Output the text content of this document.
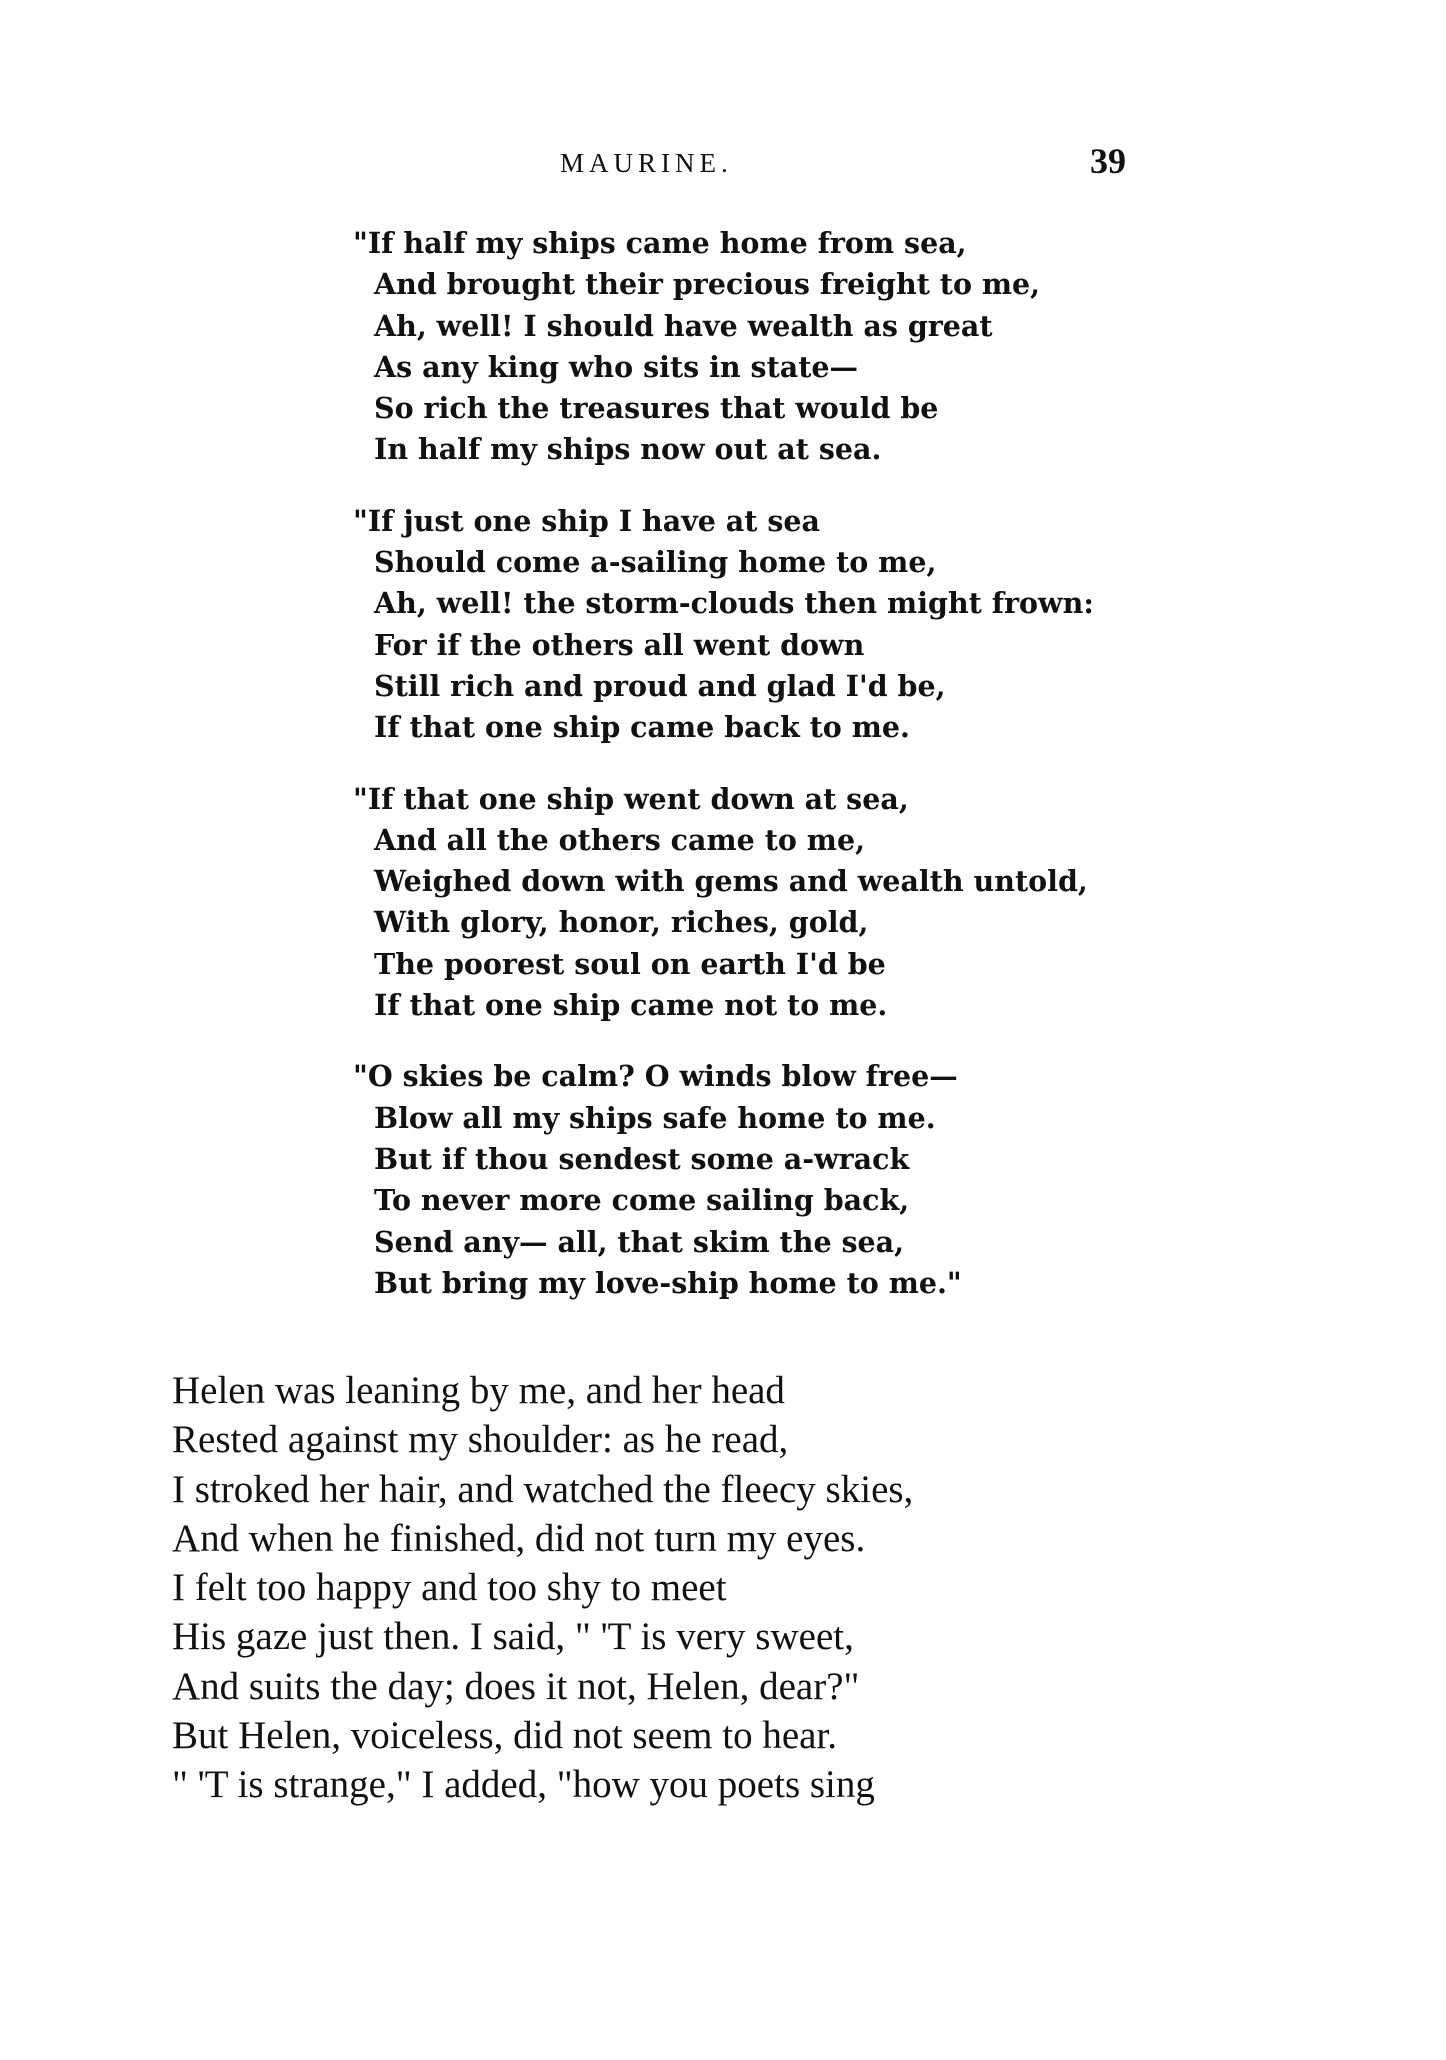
MAURINE.	39
"If half my ships came home from sea,
And brought their precious freight to me,
Ah, well! I should have wealth as great
As any king who sits in state—
So rich the treasures that would be
In half my ships now out at sea.
"If just one ship I have at sea
Should come a-sailing home to me,
Ah, well! the storm-clouds then might frown:
For if the others all went down
Still rich and proud and glad I'd be,
If that one ship came back to me.
"If that one ship went down at sea,
And all the others came to me,
Weighed down with gems and wealth untold,
With glory, honor, riches, gold,
The poorest soul on earth I'd be
If that one ship came not to me.
"O skies be calm? O winds blow free—
Blow all my ships safe home to me.
But if thou sendest some a-wrack
To never more come sailing back,
Send any— all, that skim the sea,
But bring my love-ship home to me."
Helen was leaning by me, and her head
Rested against my shoulder: as he read,
I stroked her hair, and watched the fleecy skies,
And when he finished, did not turn my eyes.
I felt too happy and too shy to meet
His gaze just then. I said, " 'T is very sweet,
And suits the day; does it not, Helen, dear?"
But Helen, voiceless, did not seem to hear.
" 'T is strange," I added, "how you poets sing
